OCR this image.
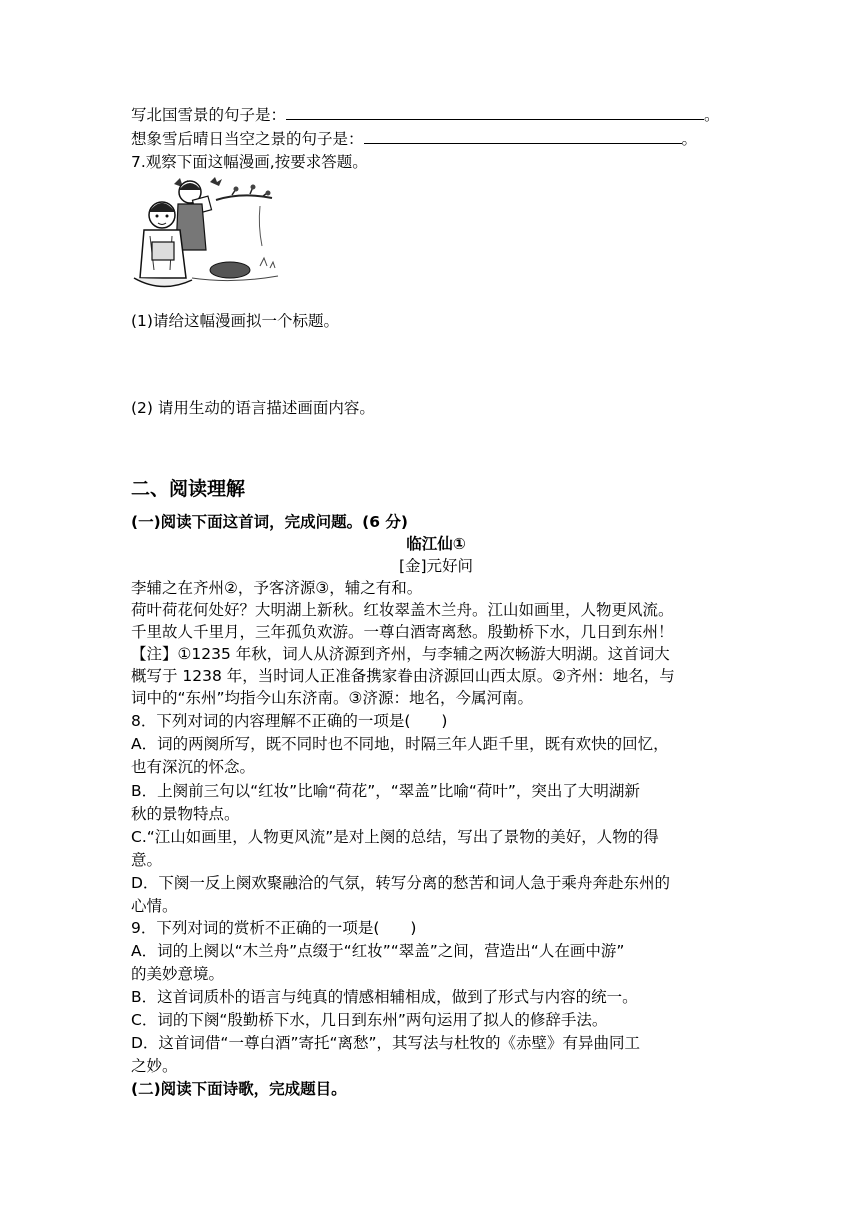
写北国雪景的句子是：	。
想象雪后晴日当空之景的句子是：	。
7.观察下面这幅漫画,按要求答题。
(1)请给这幅漫画拟一个标题。
(2) 请用生动的语言描述画面内容。
二、阅读理解
(一)阅读下面这首词，完成问题。(6 分)
临江仙①
[金]元好问
李辅之在齐州②，予客济源③，辅之有和。
荷叶荷花何处好？大明湖上新秋。红妆翠盖木兰舟。江山如画里，人物更风流。
千里故人千里月，三年孤负欢游。一尊白酒寄离愁。殷勤桥下水，几日到东州！
【注】①1235 年秋，词人从济源到齐州，与李辅之两次畅游大明湖。这首词大
概写于 1238 年，当时词人正准备携家眷由济源回山西太原。②齐州：地名，与
词中的“东州”均指今山东济南。③济源：地名，今属河南。
8．下列对词的内容理解不正确的一项是(　　)
A．词的两阕所写，既不同时也不同地，时隔三年人距千里，既有欢快的回忆，
也有深沉的怀念。
B．上阕前三句以“红妆”比喻“荷花”，“翠盖”比喻“荷叶”，突出了大明湖新
秋的景物特点。
C.“江山如画里，人物更风流”是对上阕的总结，写出了景物的美好，人物的得
意。
D．下阕一反上阕欢聚融洽的气氛，转写分离的愁苦和词人急于乘舟奔赴东州的
心情。
9．下列对词的赏析不正确的一项是(　　)
A．词的上阕以“木兰舟”点缀于“红妆”“翠盖”之间，营造出“人在画中游”
的美妙意境。
B．这首词质朴的语言与纯真的情感相辅相成，做到了形式与内容的统一。
C．词的下阕“殷勤桥下水，几日到东州”两句运用了拟人的修辞手法。
D．这首词借“一尊白酒”寄托“离愁”，其写法与杜牧的《赤壁》有异曲同工
之妙。
(二)阅读下面诗歌，完成题目。
